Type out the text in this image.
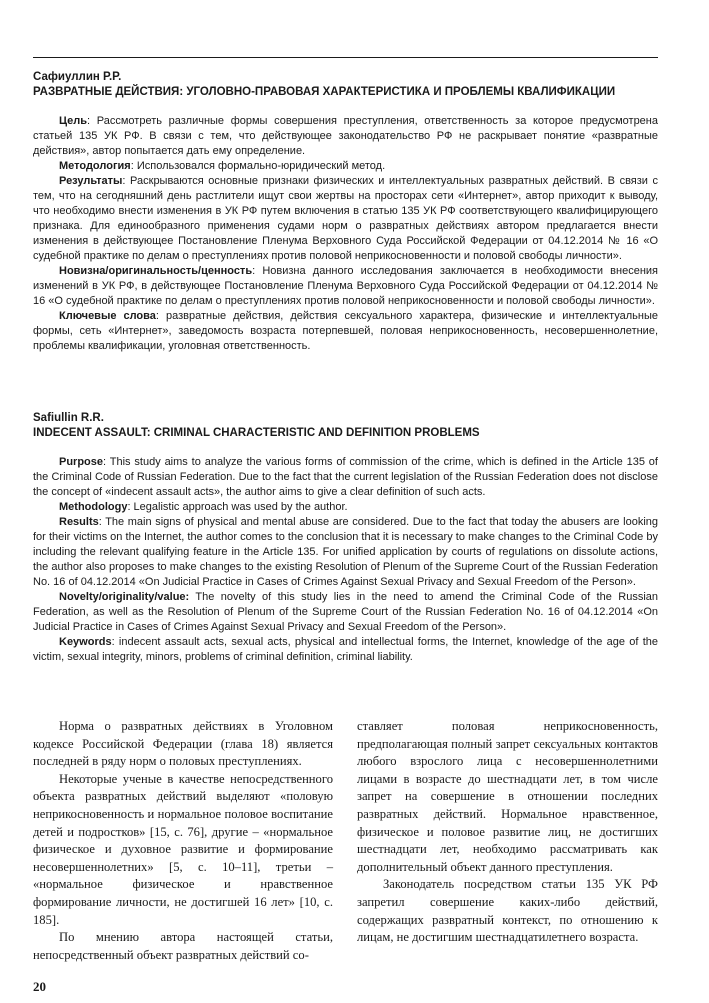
Сафиуллин Р.Р.

РАЗВРАТНЫЕ ДЕЙСТВИЯ: УГОЛОВНО-ПРАВОВАЯ ХАРАКТЕРИСТИКА И ПРОБЛЕМЫ КВАЛИФИКАЦИИ

Цель: Рассмотреть различные формы совершения преступления, ответственность за которое предусмотрена статьей 135 УК РФ. В связи с тем, что действующее законодательство РФ не раскрывает понятие «развратные действия», автор попытается дать ему определение.

Методология: Использовался формально-юридический метод.

Результаты: Раскрываются основные признаки физических и интеллектуальных развратных действий. В связи с тем, что на сегодняшний день растлители ищут свои жертвы на просторах сети «Интернет», автор приходит к выводу, что необходимо внести изменения в УК РФ путем включения в статью 135 УК РФ соответствующего квалифицирующего признака. Для единообразного применения судами норм о развратных действиях автором предлагается внести изменения в действующее Постановление Пленума Верховного Суда Российской Федерации от 04.12.2014 № 16 «О судебной практике по делам о преступлениях против половой неприкосновенности и половой свободы личности».

Новизна/оригинальность/ценность: Новизна данного исследования заключается в необходимости внесения изменений в УК РФ, в действующее Постановление Пленума Верховного Суда Российской Федерации от 04.12.2014 № 16 «О судебной практике по делам о преступлениях против половой неприкосновенности и половой свободы личности».

Ключевые слова: развратные действия, действия сексуального характера, физические и интеллектуальные формы, сеть «Интернет», заведомость возраста потерпевшей, половая неприкосновенность, несовершеннолетние, проблемы квалификации, уголовная ответственность.

Safiullin R.R.

INDECENT ASSAULT: CRIMINAL CHARACTERISTIC AND DEFINITION PROBLEMS

Purpose: This study aims to analyze the various forms of commission of the crime, which is defined in the Article 135 of the Criminal Code of Russian Federation. Due to the fact that the current legislation of the Russian Federation does not disclose the concept of «indecent assault acts», the author aims to give a clear definition of such acts.

Methodology: Legalistic approach was used by the author.

Results: The main signs of physical and mental abuse are considered. Due to the fact that today the abusers are looking for their victims on the Internet, the author comes to the conclusion that it is necessary to make changes to the Criminal Code by including the relevant qualifying feature in the Article 135. For unified application by courts of regulations on dissolute actions, the author also proposes to make changes to the existing Resolution of Plenum of the Supreme Court of the Russian Federation No. 16 of 04.12.2014 «On Judicial Practice in Cases of Crimes Against Sexual Privacy and Sexual Freedom of the Person».

Novelty/originality/value: The novelty of this study lies in the need to amend the Criminal Code of the Russian Federation, as well as the Resolution of Plenum of the Supreme Court of the Russian Federation No. 16 of 04.12.2014 «On Judicial Practice in Cases of Crimes Against Sexual Privacy and Sexual Freedom of the Person».

Keywords: indecent assault acts, sexual acts, physical and intellectual forms, the Internet, knowledge of the age of the victim, sexual integrity, minors, problems of criminal definition, criminal liability.

Норма о развратных действиях в Уголовном кодексе Российской Федерации (глава 18) является последней в ряду норм о половых преступлениях.

Некоторые ученые в качестве непосредственного объекта развратных действий выделяют «половую неприкосновенность и нормальное половое воспитание детей и подростков» [15, с. 76], другие – «нормальное физическое и духовное развитие и формирование несовершеннолетних» [5, с. 10–11], третьи – «нормальное физическое и нравственное формирование личности, не достигшей 16 лет» [10, с. 185].

По мнению автора настоящей статьи, непосредственный объект развратных действий со-

ставляет половая неприкосновенность, предполагающая полный запрет сексуальных контактов любого взрослого лица с несовершеннолетними лицами в возрасте до шестнадцати лет, в том числе запрет на совершение в отношении последних развратных действий. Нормальное нравственное, физическое и половое развитие лиц, не достигших шестнадцати лет, необходимо рассматривать как дополнительный объект данного преступления.

Законодатель посредством статьи 135 УК РФ запретил совершение каких-либо действий, содержащих развратный контекст, по отношению к лицам, не достигшим шестнадцатилетнего возраста.

20
